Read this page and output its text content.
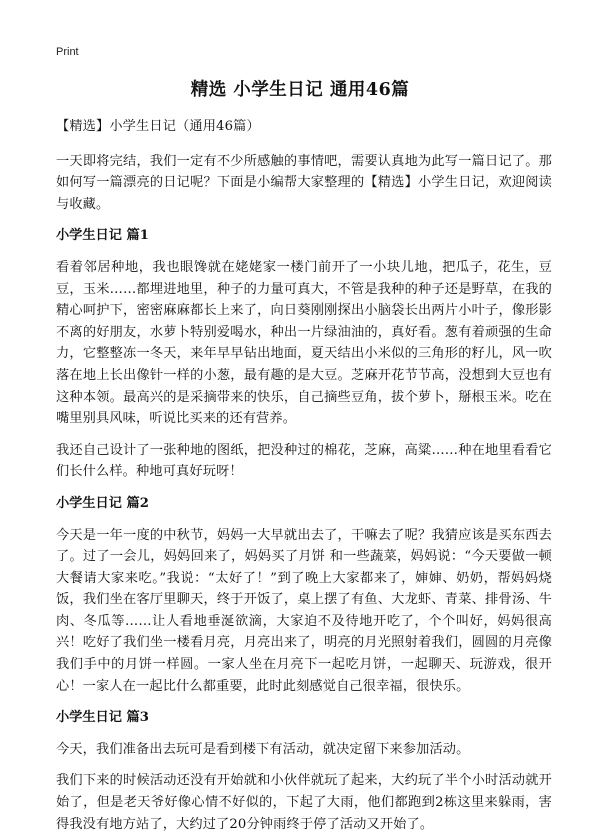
Print
精选 小学生日记 通用46篇

【精选】小学生日记（通用46篇）

一天即将完结，我们一定有不少所感触的事情吧，需要认真地为此写一篇日记了。那如何写一篇漂亮的日记呢？下面是小编帮大家整理的【精选】小学生日记，欢迎阅读与收藏。

小学生日记 篇1

看着邻居种地，我也眼馋就在姥姥家一楼门前开了一小块儿地，把瓜子，花生，豆豆，玉米……都埋进地里，种子的力量可真大，不管是我种的种子还是野草，在我的精心呵护下，密密麻麻都长上来了，向日葵刚刚探出小脑袋长出两片小叶子，像形影不离的好朋友，水萝卜特别爱喝水，种出一片绿油油的，真好看。葱有着顽强的生命力，它整整冻一冬天，来年早早钻出地面，夏天结出小米似的三角形的籽儿，风一吹落在地上长出像针一样的小葱，最有趣的是大豆。芝麻开花节节高，没想到大豆也有这种本领。最高兴的是采摘带来的快乐，自己摘些豆角，拔个萝卜，掰根玉米。吃在嘴里别具风味，听说比买来的还有营养。

我还自己设计了一张种地的图纸，把没种过的棉花，芝麻，高粱……种在地里看看它们长什么样。种地可真好玩呀！

小学生日记 篇2

今天是一年一度的中秋节，妈妈一大早就出去了，干嘛去了呢？我猜应该是买东西去了。过了一会儿，妈妈回来了，妈妈买了月饼 和一些蔬菜，妈妈说：“今天要做一顿大餐请大家来吃。”我说：“太好了！”到了晚上大家都来了，婶婶、奶奶，帮妈妈烧饭，我们坐在客厅里聊天，终于开饭了，桌上摆了有鱼、大龙虾、青菜、排骨汤、牛肉、冬瓜等……让人看地垂涎欲滴，大家迫不及待地开吃了，个个叫好，妈妈很高兴！吃好了我们坐一楼看月亮，月亮出来了，明亮的月光照射着我们，圆圆的月亮像我们手中的月饼一样圆。一家人坐在月亮下一起吃月饼，一起聊天、玩游戏，很开心！一家人在一起比什么都重要，此时此刻感觉自己很幸福，很快乐。

小学生日记 篇3

今天，我们准备出去玩可是看到楼下有活动，就决定留下来参加活动。

我们下来的时候活动还没有开始就和小伙伴就玩了起来，大约玩了半个小时活动就开始了，但是老天爷好像心情不好似的，下起了大雨，他们都跑到2栋这里来躲雨，害得我没有地方站了，大约过了20分钟雨终于停了活动又开始了。
